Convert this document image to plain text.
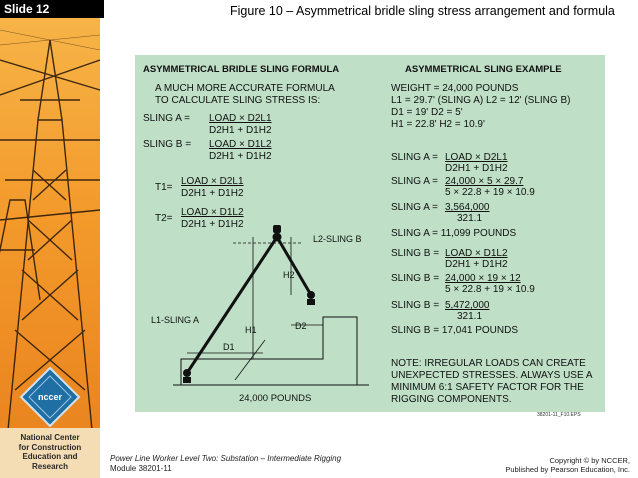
nccer
National Center
for Construction
Education and
Research
Slide 12	Figure 10 – Asymmetrical bridle sling stress arrangement and formula
ASYMMETRICAL BRIDLE SLING FORMULA
A MUCH MORE ACCURATE FORMULA
TO CALCULATE SLING STRESS IS:
SLING A = LOAD × D2L1
D2H1 + D1H2
SLING B = LOAD × D1L2
D2H1 + D1H2
T1=
LOAD × D2L1
D2H1 + D1H2
T2=
LOAD × D1L2
D2H1 + D1H2
L2-SLING B
H2
L1-SLING A
H1	D2
D1
24,000 POUNDS
ASYMMETRICAL SLING EXAMPLE
WEIGHT = 24,000 POUNDS
L1 = 29.7' (SLING A) L2 = 12' (SLING B)
D1 = 19' D2 = 5'
H1 = 22.8' H2 = 10.9'
SLING A = LOAD × D2L1
D2H1 + D1H2
SLING A = 24,000 × 5 × 29.7
5 × 22.8 + 19 × 10.9
SLING A = 3,564,000
321.1
SLING A = 11,099 POUNDS
SLING B = LOAD × D1L2
D2H1 + D1H2
SLING B = 24,000 × 19 × 12
5 × 22.8 + 19 × 10.9
SLING B = 5,472,000
321.1
SLING B = 17,041 POUNDS
NOTE: IRREGULAR LOADS CAN CREATE
UNEXPECTED STRESSES. ALWAYS USE A
MINIMUM 6:1 SAFETY FACTOR FOR THE
RIGGING COMPONENTS.
38201-11_F10.EPS
Power Line Worker Level Two: Substation – Intermediate Rigging
Module 38201-11
Copyright © by NCCER,
Published by Pearson Education, Inc.
